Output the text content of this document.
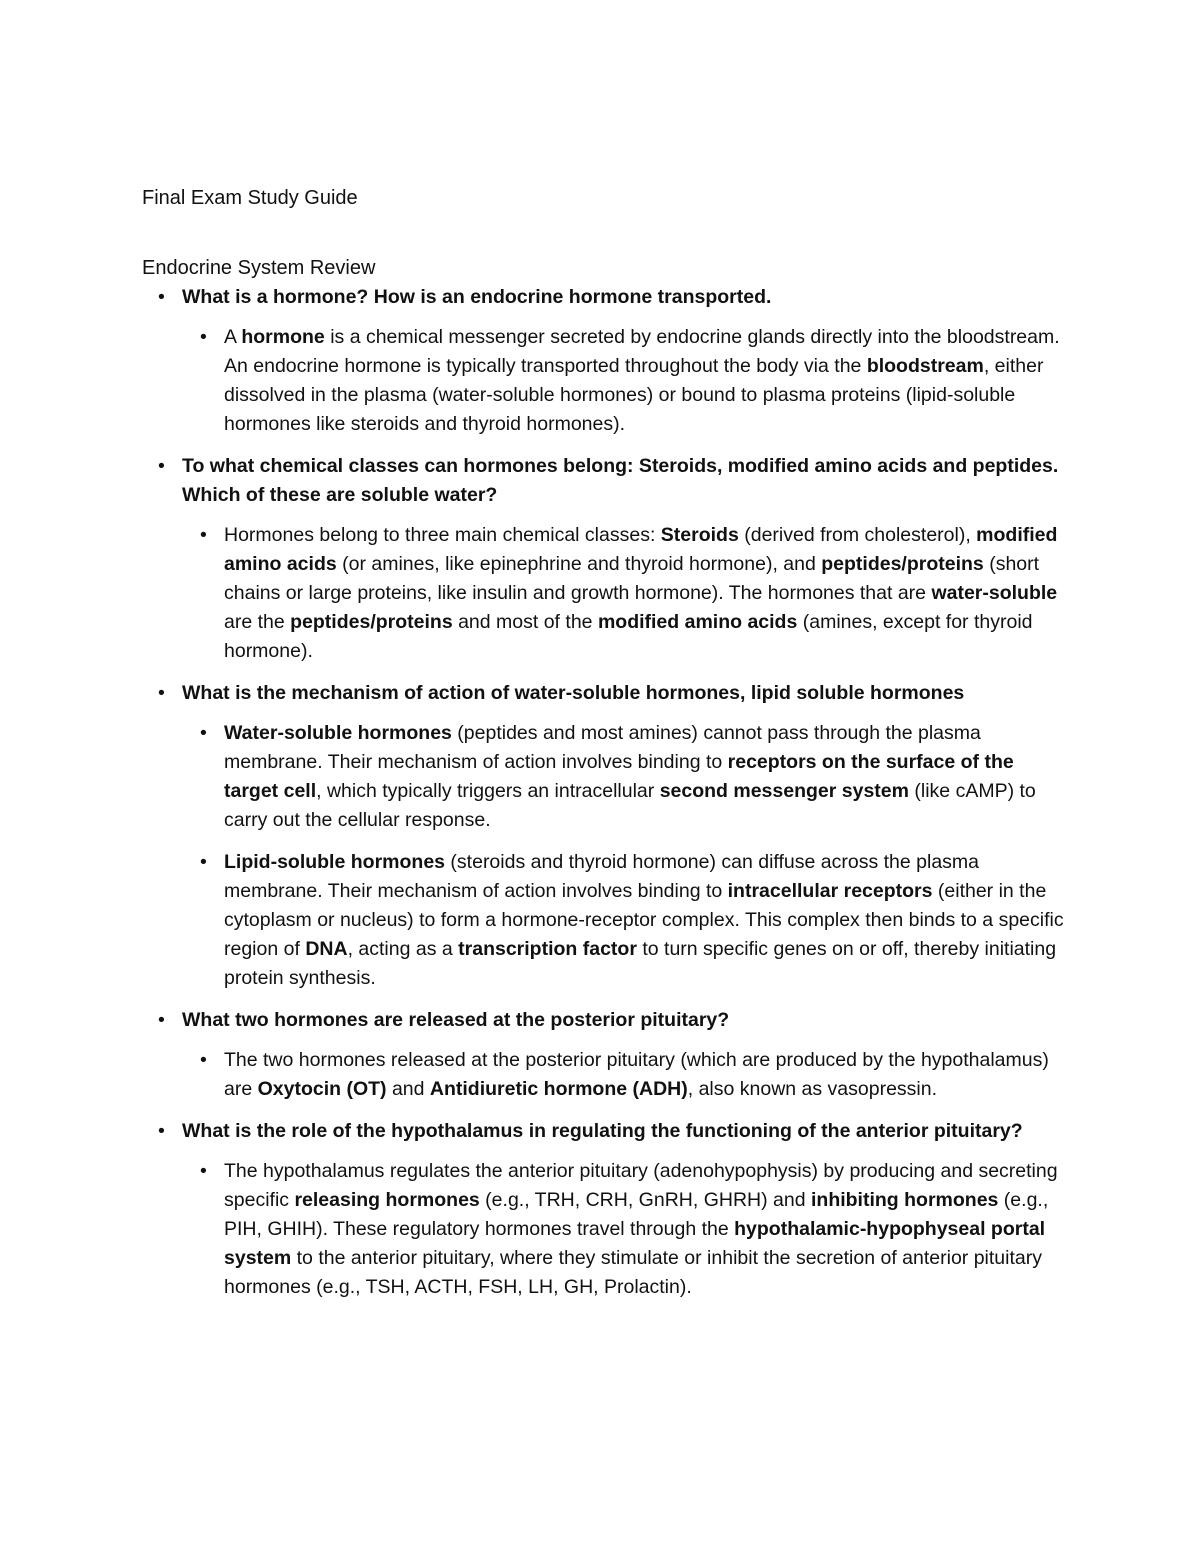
Final Exam Study Guide
Endocrine System Review
• What is a hormone? How is an endocrine hormone transported.
• A hormone is a chemical messenger secreted by endocrine glands directly into the bloodstream. An endocrine hormone is typically transported throughout the body via the bloodstream, either dissolved in the plasma (water-soluble hormones) or bound to plasma proteins (lipid-soluble hormones like steroids and thyroid hormones).
• To what chemical classes can hormones belong: Steroids, modified amino acids and peptides. Which of these are soluble water?
• Hormones belong to three main chemical classes: Steroids (derived from cholesterol), modified amino acids (or amines, like epinephrine and thyroid hormone), and peptides/proteins (short chains or large proteins, like insulin and growth hormone). The hormones that are water-soluble are the peptides/proteins and most of the modified amino acids (amines, except for thyroid hormone).
• What is the mechanism of action of water-soluble hormones, lipid soluble hormones
• Water-soluble hormones (peptides and most amines) cannot pass through the plasma membrane. Their mechanism of action involves binding to receptors on the surface of the target cell, which typically triggers an intracellular second messenger system (like cAMP) to carry out the cellular response.
• Lipid-soluble hormones (steroids and thyroid hormone) can diffuse across the plasma membrane. Their mechanism of action involves binding to intracellular receptors (either in the cytoplasm or nucleus) to form a hormone-receptor complex. This complex then binds to a specific region of DNA, acting as a transcription factor to turn specific genes on or off, thereby initiating protein synthesis.
• What two hormones are released at the posterior pituitary?
• The two hormones released at the posterior pituitary (which are produced by the hypothalamus) are Oxytocin (OT) and Antidiuretic hormone (ADH), also known as vasopressin.
• What is the role of the hypothalamus in regulating the functioning of the anterior pituitary?
• The hypothalamus regulates the anterior pituitary (adenohypophysis) by producing and secreting specific releasing hormones (e.g., TRH, CRH, GnRH, GHRH) and inhibiting hormones (e.g., PIH, GHIH). These regulatory hormones travel through the hypothalamic-hypophyseal portal system to the anterior pituitary, where they stimulate or inhibit the secretion of anterior pituitary hormones (e.g., TSH, ACTH, FSH, LH, GH, Prolactin).
